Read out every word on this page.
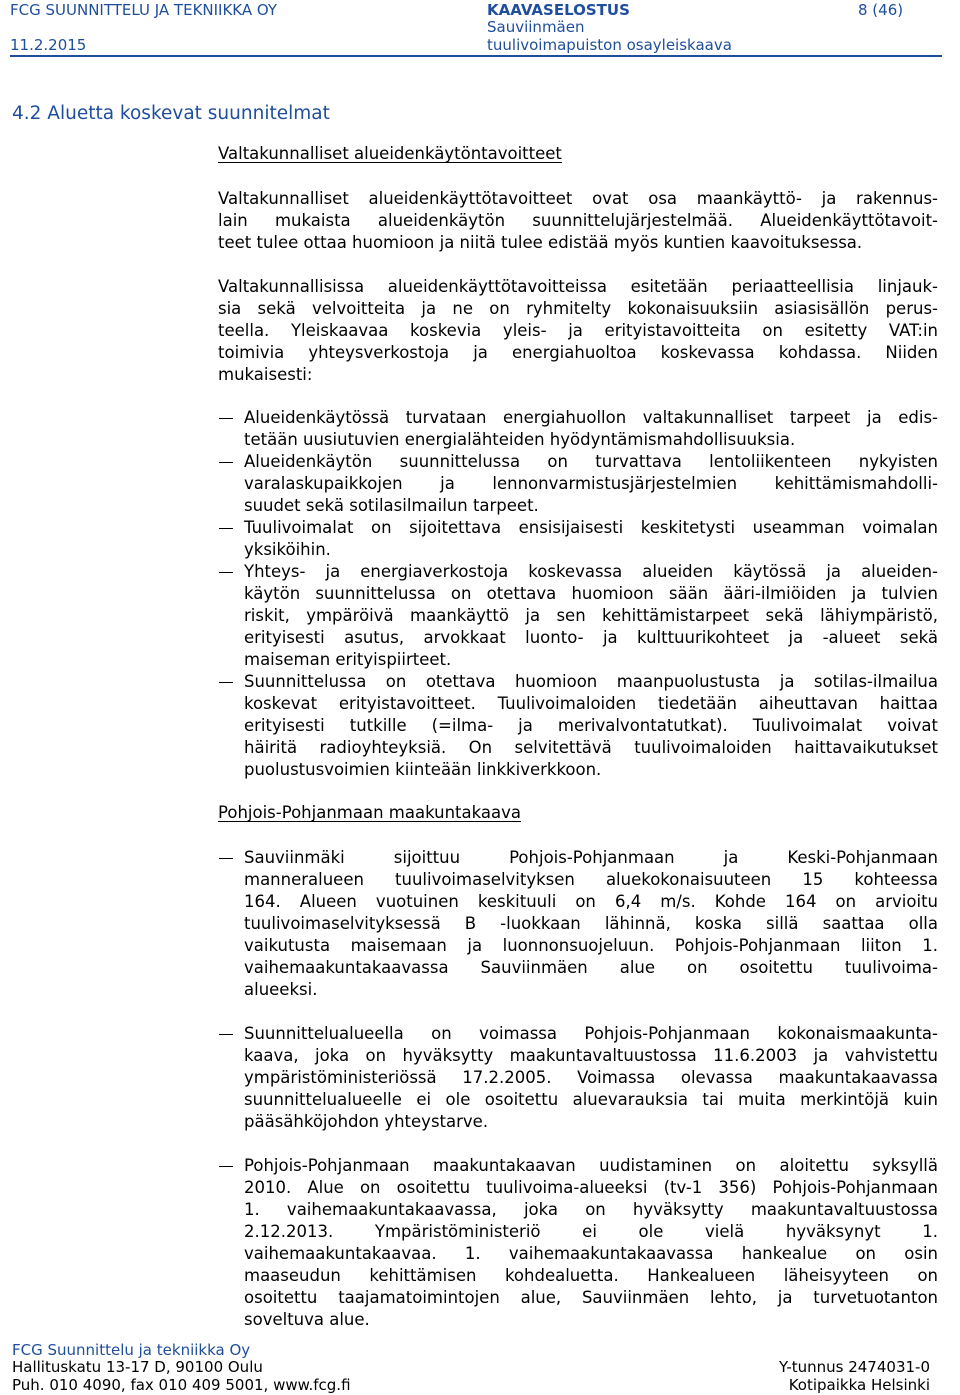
FCG SUUNNITTELU JA TEKNIIKKA OY
11.2.2015
KAAVASELOSTUS
Sauviinmäen
tuulivoimapuiston osayleiskaava
8 (46)
4.2 Aluetta koskevat suunnitelmat
Valtakunnalliset alueidenkäytöntavoitteet

Valtakunnalliset alueidenkäyttötavoitteet ovat osa maankäyttö- ja rakennus-
lain mukaista alueidenkäytön suunnittelujärjestelmää. Alueidenkäyttötavoit-
teet tulee ottaa huomioon ja niitä tulee edistää myös kuntien kaavoituksessa.

Valtakunnallisissa alueidenkäyttötavoitteissa esitetään periaatteellisia linjauk-
sia sekä velvoitteita ja ne on ryhmitelty kokonaisuuksiin asiasisällön perus-
teella. Yleiskaavaa koskevia yleis- ja erityistavoitteita on esitetty VAT:in
toimivia yhteysverkostoja ja energiahuoltoa koskevassa kohdassa. Niiden
mukaisesti:

Alueidenkäytössä turvataan energiahuollon valtakunnalliset tarpeet ja edis-
tetään uusiutuvien energialähteiden hyödyntämismahdollisuuksia.

Alueidenkäytön suunnittelussa on turvattava lentoliikenteen nykyisten
varalaskupaikkojen ja lennonvarmistusjärjestelmien kehittämismahdolli-
suudet sekä sotilasilmailun tarpeet.

Tuulivoimalat on sijoitettava ensisijaisesti keskitetysti useamman voimalan
yksiköihin.

Yhteys- ja energiaverkostoja koskevassa alueiden käytössä ja alueiden-
käytön suunnittelussa on otettava huomioon sään ääri-ilmiöiden ja tulvien
riskit, ympäröivä maankäyttö ja sen kehittämistarpeet sekä lähiympäristö,
erityisesti asutus, arvokkaat luonto- ja kulttuurikohteet ja -alueet sekä
maiseman erityispiirteet.

Suunnittelussa on otettava huomioon maanpuolustusta ja sotilas-ilmailua
koskevat erityistavoitteet. Tuulivoimaloiden tiedetään aiheuttavan haittaa
erityisesti tutkille (=ilma- ja merivalvontatutkat). Tuulivoimalat voivat
häiritä radioyhteyksiä. On selvitettävä tuulivoimaloiden haittavaikutukset
puolustusvoimien kiinteään linkkiverkkoon.

Pohjois-Pohjanmaan maakuntakaava

Sauviinmäki sijoittuu Pohjois-Pohjanmaan ja Keski-Pohjanmaan
manneralueen tuulivoimaselvityksen aluekokonaisuuteen 15 kohteessa
164. Alueen vuotuinen keskituuli on 6,4 m/s. Kohde 164 on arvioitu
tuulivoimaselvityksessä B -luokkaan lähinnä, koska sillä saattaa olla
vaikutusta maisemaan ja luonnonsuojeluun. Pohjois-Pohjanmaan liiton 1.
vaihemaakuntakaavassa Sauviinmäen alue on osoitettu tuulivoima-
alueeksi.

Suunnittelualueella on voimassa Pohjois-Pohjanmaan kokonaismaakunta-
kaava, joka on hyväksytty maakuntavaltuustossa 11.6.2003 ja vahvistettu
ympäristöministeriössä 17.2.2005. Voimassa olevassa maakuntakaavassa
suunnittelualueelle ei ole osoitettu aluevarauksia tai muita merkintöjä kuin
pääsähköjohdon yhteystarve.

Pohjois-Pohjanmaan maakuntakaavan uudistaminen on aloitettu syksyllä
2010. Alue on osoitettu tuulivoima-alueeksi (tv-1 356) Pohjois-Pohjanmaan
1. vaihemaakuntakaavassa, joka on hyväksytty maakuntavaltuustossa
2.12.2013. Ympäristöministeriö ei ole vielä hyväksynyt 1.
vaihemaakuntakaavaa. 1. vaihemaakuntakaavassa hankealue on osin
maaseudun kehittämisen kohdealuetta. Hankealueen läheisyyteen on
osoitettu taajamatoimintojen alue, Sauviinmäen lehto, ja turvetuotanton
soveltuva alue.

FCG Suunnittelu ja tekniikka Oy
Hallituskatu 13-17 D, 90100 Oulu
Puh. 010 4090, fax 010 409 5001, www.fcg.fi
Y-tunnus 2474031-0
Kotipaikka Helsinki
